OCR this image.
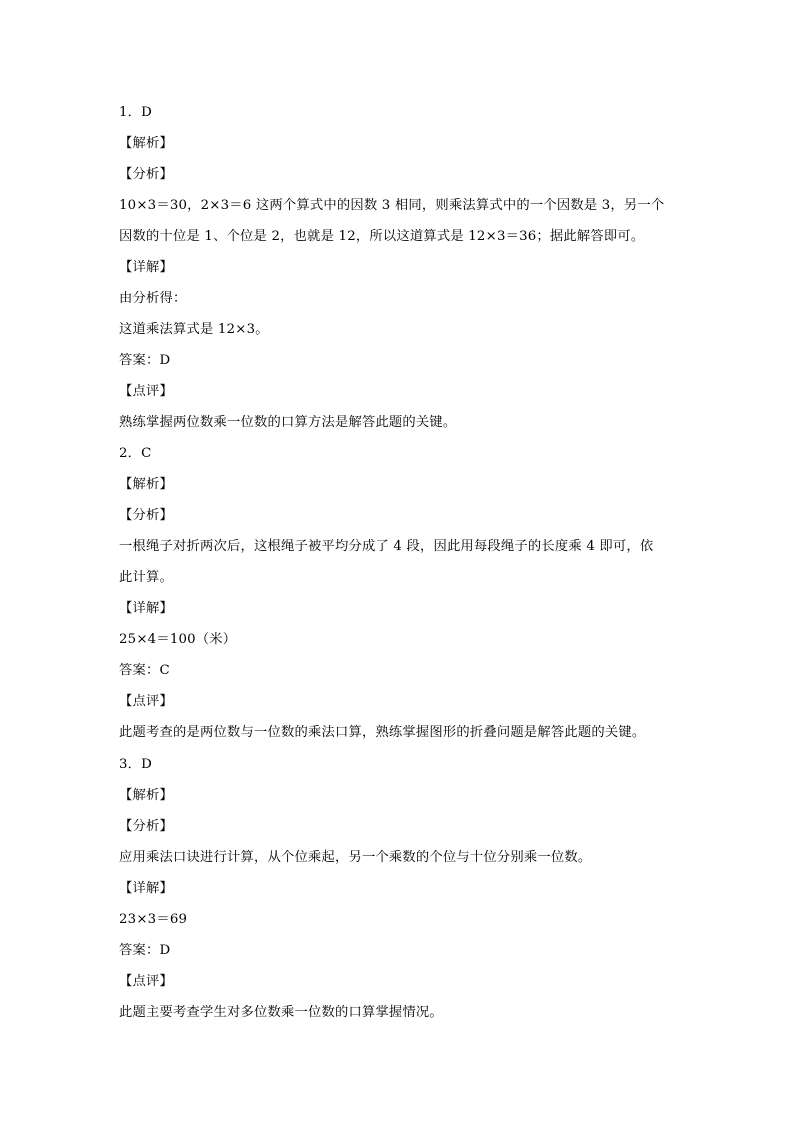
1．D
【解析】
【分析】
10×3＝30，2×3＝6 这两个算式中的因数 3 相同，则乘法算式中的一个因数是 3，另一个
因数的十位是 1、个位是 2，也就是 12，所以这道算式是 12×3＝36；据此解答即可。
【详解】
由分析得：
这道乘法算式是 12×3。
答案：D
【点评】
熟练掌握两位数乘一位数的口算方法是解答此题的关键。
2．C
【解析】
【分析】
一根绳子对折两次后，这根绳子被平均分成了 4 段，因此用每段绳子的长度乘 4 即可，依
此计算。
【详解】
25×4＝100（米）
答案：C
【点评】
此题考查的是两位数与一位数的乘法口算，熟练掌握图形的折叠问题是解答此题的关键。
3．D
【解析】
【分析】
应用乘法口诀进行计算，从个位乘起，另一个乘数的个位与十位分别乘一位数。
【详解】
23×3＝69
答案：D
【点评】
此题主要考查学生对多位数乘一位数的口算掌握情况。
